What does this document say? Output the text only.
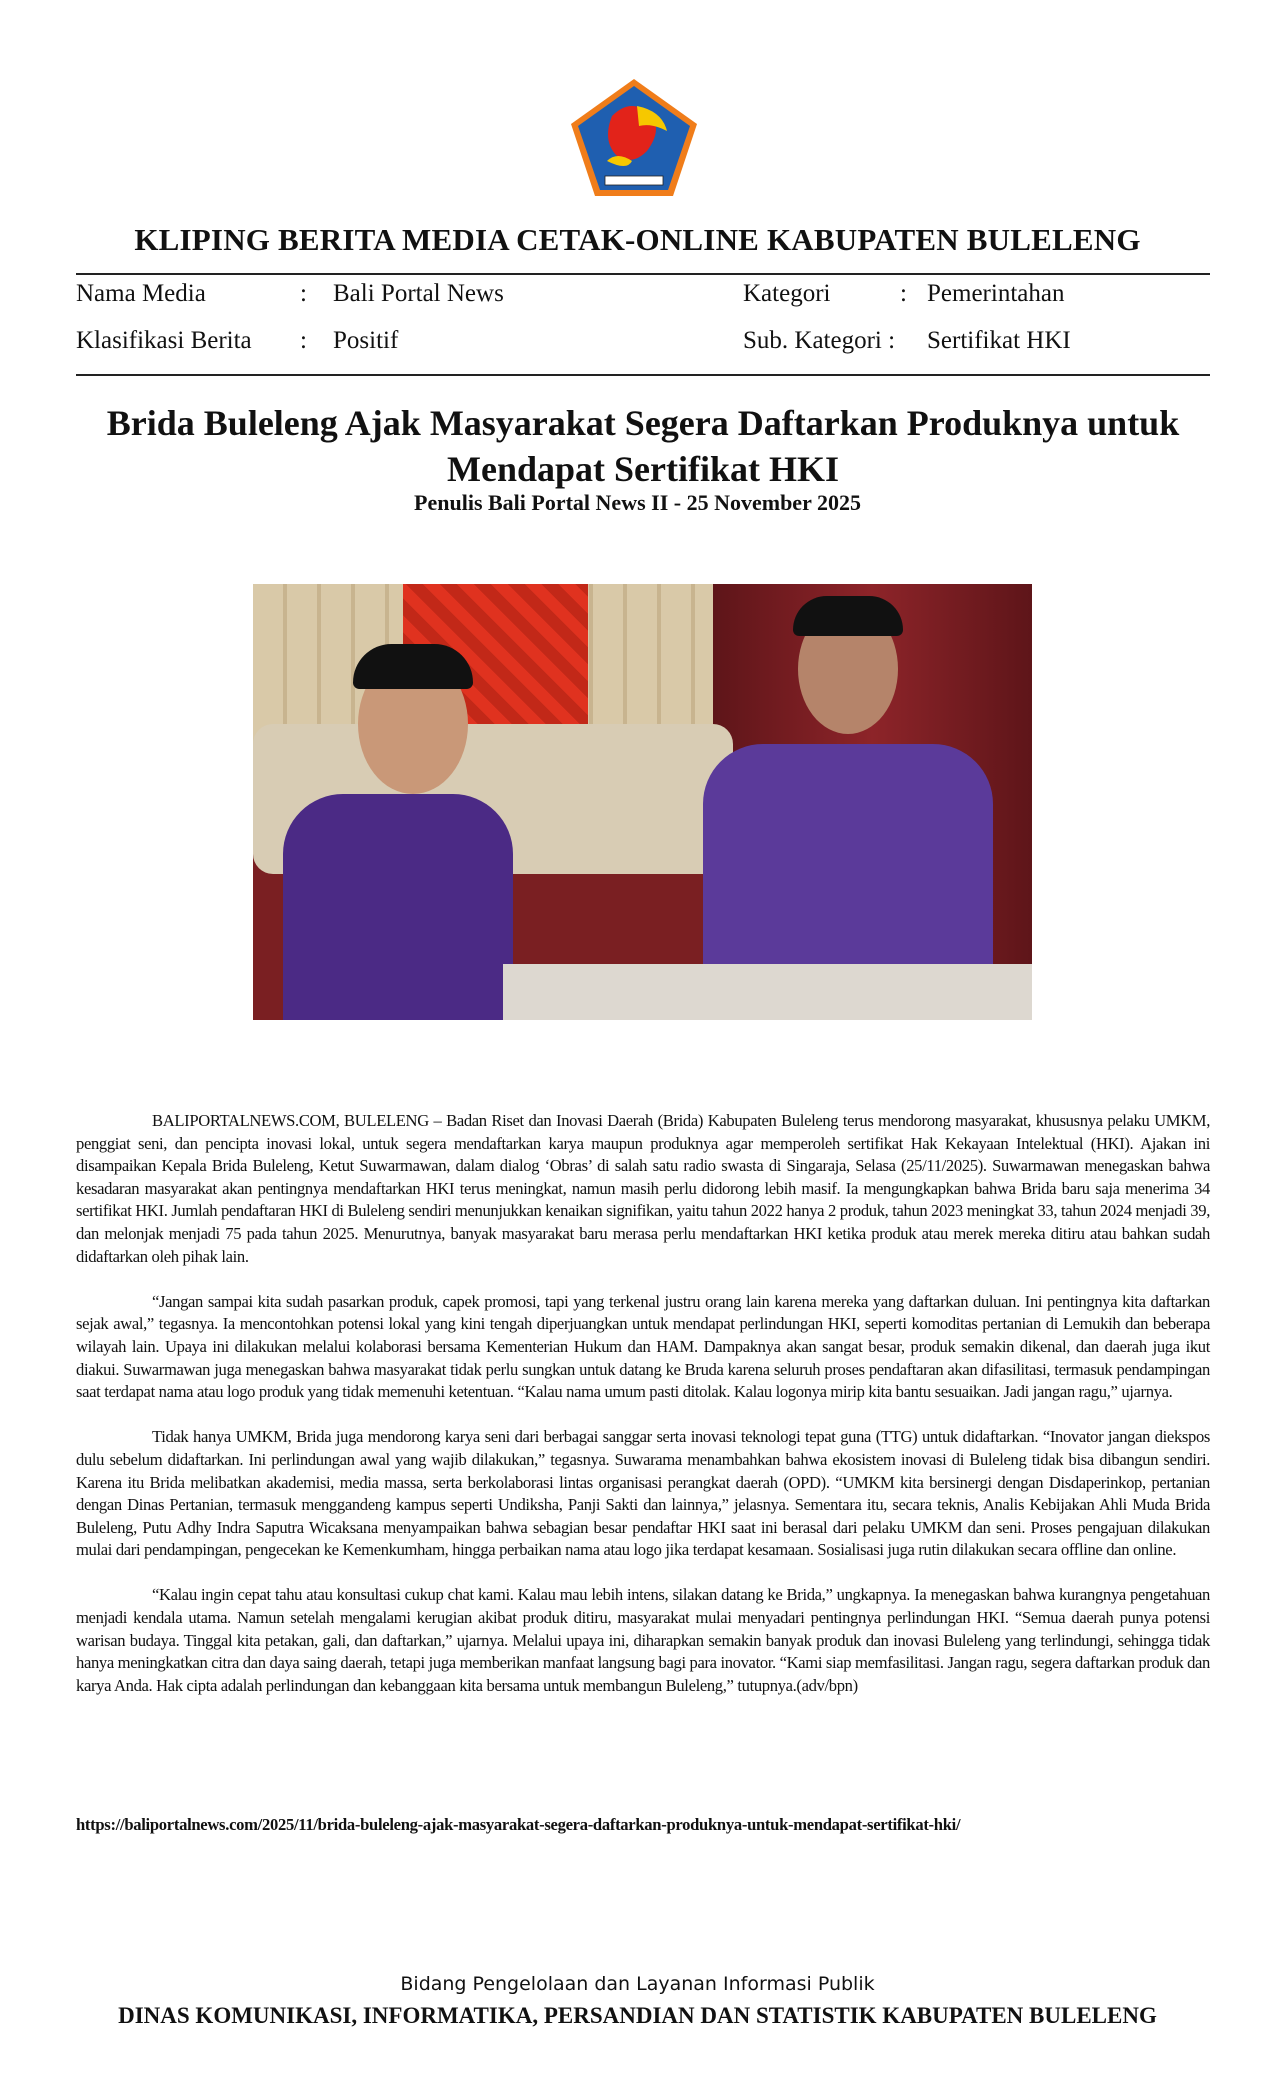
KLIPING BERITA MEDIA CETAK-ONLINE KABUPATEN BULELENG
Nama Media	: Bali Portal News	Kategori	: Pemerintahan
Klasifikasi Berita : Positif	Sub. Kategori : Sertifikat HKI
Brida Buleleng Ajak Masyarakat Segera Daftarkan Produknya untuk
Mendapat Sertifikat HKI
Penulis Bali Portal News II - 25 November 2025

BALIPORTALNEWS.COM, BULELENG – Badan Riset dan Inovasi Daerah (Brida) Kabupaten Buleleng terus mendorong masyarakat, khususnya pelaku UMKM, penggiat seni, dan pencipta inovasi lokal, untuk segera mendaftarkan karya maupun produknya agar memperoleh sertifikat Hak Kekayaan Intelektual (HKI). Ajakan ini disampaikan Kepala Brida Buleleng, Ketut Suwarmawan, dalam dialog ‘Obras’ di salah satu radio swasta di Singaraja, Selasa (25/11/2025). Suwarmawan menegaskan bahwa kesadaran masyarakat akan pentingnya mendaftarkan HKI terus meningkat, namun masih perlu didorong lebih masif. Ia mengungkapkan bahwa Brida baru saja menerima 34 sertifikat HKI. Jumlah pendaftaran HKI di Buleleng sendiri menunjukkan kenaikan signifikan, yaitu tahun 2022 hanya 2 produk, tahun 2023 meningkat 33, tahun 2024 menjadi 39, dan melonjak menjadi 75 pada tahun 2025. Menurutnya, banyak masyarakat baru merasa perlu mendaftarkan HKI ketika produk atau merek mereka ditiru atau bahkan sudah didaftarkan oleh pihak lain.

“Jangan sampai kita sudah pasarkan produk, capek promosi, tapi yang terkenal justru orang lain karena mereka yang daftarkan duluan. Ini pentingnya kita daftarkan sejak awal,” tegasnya. Ia mencontohkan potensi lokal yang kini tengah diperjuangkan untuk mendapat perlindungan HKI, seperti komoditas pertanian di Lemukih dan beberapa wilayah lain. Upaya ini dilakukan melalui kolaborasi bersama Kementerian Hukum dan HAM. Dampaknya akan sangat besar, produk semakin dikenal, dan daerah juga ikut diakui. Suwarmawan juga menegaskan bahwa masyarakat tidak perlu sungkan untuk datang ke Bruda karena seluruh proses pendaftaran akan difasilitasi, termasuk pendampingan saat terdapat nama atau logo produk yang tidak memenuhi ketentuan. “Kalau nama umum pasti ditolak. Kalau logonya mirip kita bantu sesuaikan. Jadi jangan ragu,” ujarnya.

Tidak hanya UMKM, Brida juga mendorong karya seni dari berbagai sanggar serta inovasi teknologi tepat guna (TTG) untuk didaftarkan. “Inovator jangan diekspos dulu sebelum didaftarkan. Ini perlindungan awal yang wajib dilakukan,” tegasnya. Suwarama menambahkan bahwa ekosistem inovasi di Buleleng tidak bisa dibangun sendiri. Karena itu Brida melibatkan akademisi, media massa, serta berkolaborasi lintas organisasi perangkat daerah (OPD). “UMKM kita bersinergi dengan Disdaperinkop, pertanian dengan Dinas Pertanian, termasuk menggandeng kampus seperti Undiksha, Panji Sakti dan lainnya,” jelasnya. Sementara itu, secara teknis, Analis Kebijakan Ahli Muda Brida Buleleng, Putu Adhy Indra Saputra Wicaksana menyampaikan bahwa sebagian besar pendaftar HKI saat ini berasal dari pelaku UMKM dan seni. Proses pengajuan dilakukan mulai dari pendampingan, pengecekan ke Kemenkumham, hingga perbaikan nama atau logo jika terdapat kesamaan. Sosialisasi juga rutin dilakukan secara offline dan online.

“Kalau ingin cepat tahu atau konsultasi cukup chat kami. Kalau mau lebih intens, silakan datang ke Brida,” ungkapnya. Ia menegaskan bahwa kurangnya pengetahuan menjadi kendala utama. Namun setelah mengalami kerugian akibat produk ditiru, masyarakat mulai menyadari pentingnya perlindungan HKI. “Semua daerah punya potensi warisan budaya. Tinggal kita petakan, gali, dan daftarkan,” ujarnya. Melalui upaya ini, diharapkan semakin banyak produk dan inovasi Buleleng yang terlindungi, sehingga tidak hanya meningkatkan citra dan daya saing daerah, tetapi juga memberikan manfaat langsung bagi para inovator. “Kami siap memfasilitasi. Jangan ragu, segera daftarkan produk dan karya Anda. Hak cipta adalah perlindungan dan kebanggaan kita bersama untuk membangun Buleleng,” tutupnya.(adv/bpn)

https://baliportalnews.com/2025/11/brida-buleleng-ajak-masyarakat-segera-daftarkan-produknya-untuk-mendapat-sertifikat-hki/
Bidang Pengelolaan dan Layanan Informasi Publik
DINAS KOMUNIKASI, INFORMATIKA, PERSANDIAN DAN STATISTIK KABUPATEN BULELENG
